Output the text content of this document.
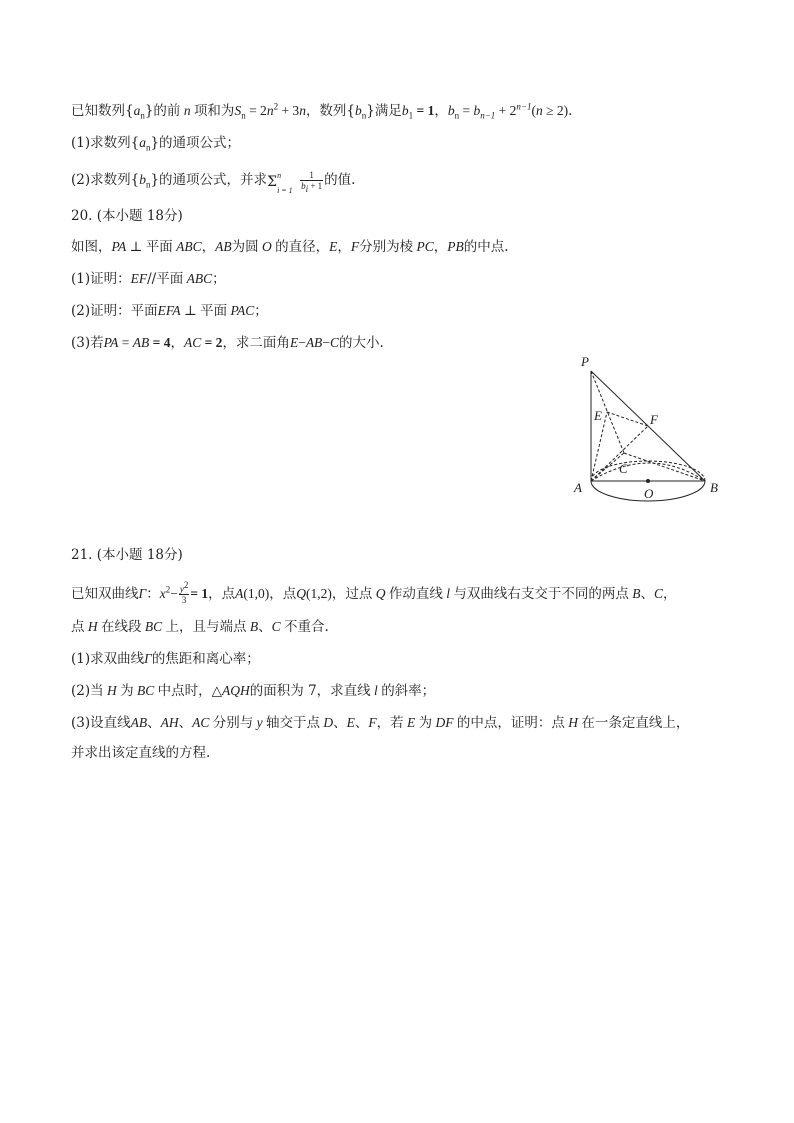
已知数列$\{a_n\}$的前 n 项和为$S_n = 2n^2 + 3n$，数列$\{b_n\}$满足$b_1 = 1$，$b_n = b_{n-1} + 2^{n-1}(n \ge 2)$.
(1)求数列$\{a_n\}$的通项公式；
(2)求数列$\{b_n\}$的通项公式，并求 Σ n
$i = 1 \frac{1}{b_i + 1}$ 的值.
20. (本小题 18分)
如图，PA ⊥ 平面 ABC，AB为圆 O 的直径，E，F分别为棱 PC，PB的中点.
(1)证明：EF//平面 ABC；
(2)证明：平面EFA ⊥ 平面 PAC；
(3)若PA = AB = 4，AC = 2，求二面角E−AB−C的大小.
P
E	F
C
A	O	B
21. (本小题 18分)
已知双曲线Γ：$x^2- \frac{y^2}{3} = 1$，点A(1,0)，点Q(1,2)，过点 Q 作动直线 l 与双曲线右支交于不同的两点 B、C，
点 H 在线段 BC 上，且与端点 B、C 不重合.
(1)求双曲线Γ的焦距和离心率；
(2)当 H 为 BC 中点时，△AQH的面积为 7，求直线 l 的斜率；
(3)设直线AB、AH、AC 分别与 y 轴交于点 D、E、F，若 E 为 DF 的中点，证明：点 H 在一条定直线上，
并求出该定直线的方程.
